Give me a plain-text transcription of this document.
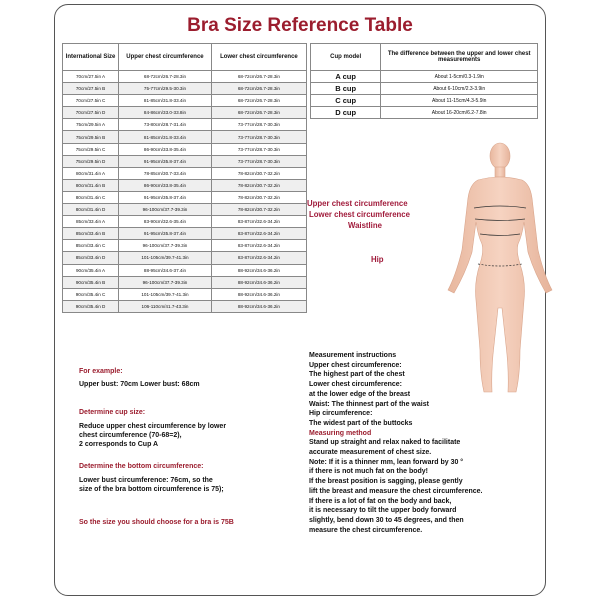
Bra Size Reference Table
International Size	Upper chest circumference	Lower chest circumference
70cm/27.5in A	68-72cm/26.7-28.3in	68-72cm/26.7-28.3in
70cm/27.5in B	75-77cm/29.5-30.3in	68-72cm/26.7-28.3in
70cm/27.5in C	81-85cm/31.8-33.4in	68-72cm/26.7-28.3in
70cm/27.5in D	84-86cm/33.0-33.8in	68-72cm/26.7-28.3in
75cm/29.5in A	73-80cm/28.7-31.4in	73-77cm/28.7-30.3in
75cm/29.5in B	81-85cm/31.8-33.4in	73-77cm/28.7-30.3in
75cm/29.5in C	86-90cm/33.8-35.4in	73-77cm/28.7-30.3in
75cm/29.5in D	91-95cm/35.8-37.4in	73-77cm/28.7-30.3in
80cm/31.4in A	78-85cm/30.7-33.4in	78-82cm/30.7-32.2in
80cm/31.4in B	86-90cm/33.8-35.4in	78-82cm/30.7-32.2in
80cm/31.4in C	91-95cm/35.8-37.4in	78-82cm/30.7-32.2in
80cm/31.4in D	96-100cm/37.7-39.3in	78-82cm/30.7-32.2in
85cm/33.4in A	83-90cm/32.6-35.4in	83-87cm/32.6-34.2in
85cm/33.4in B	91-95cm/35.8-37.4in	83-87cm/32.6-34.2in
85cm/33.4in C	96-100cm/37.7-39.3in	83-87cm/32.6-34.2in
85cm/33.4in D	101-105cm/39.7-41.3in	83-87cm/32.6-34.2in
90cm/35.4in A	88-95cm/34.6-37.4in	88-92cm/34.6-36.2in
90cm/35.4in B	96-100cm/37.7-39.3in	88-92cm/34.6-36.2in
90cm/35.4in C	101-105cm/39.7-41.3in	88-92cm/34.6-36.2in
90cm/35.4in D	106-110cm/41.7-43.3in	88-92cm/34.6-36.2in
Cup model	The difference between the upper and lower chest measurements
A cup	About 1-5cm/0.3-1.9in
B cup	About 6-10cm/2.3-3.9in
C cup	About 11-15cm/4.3-5.9in
D cup	About 16-20cm/6.2-7.8in
Upper chest circumference
Lower chest circumference
Waistline
Hip
For example:
Upper bust: 70cm Lower bust: 68cm
Determine cup size:
Reduce upper chest circumference by lower
chest circumference (70-68=2),
2 corresponds to Cup A
Determine the bottom circumference:
Lower bust circumference: 76cm, so the
size of the bra bottom circumference is 75);
So the size you should choose for a bra is 75B
Measurement instructions
Upper chest circumference:
The highest part of the chest
Lower chest circumference:
at the lower edge of the breast
Waist: The thinnest part of the waist
Hip circumference:
The widest part of the buttocks
Measuring method
Stand up straight and relax naked to facilitate
accurate measurement of chest size.
Note: If it is a thinner mm, lean forward by 30 °
if there is not much fat on the body!
If the breast position is sagging, please gently
lift the breast and measure the chest circumference.
If there is a lot of fat on the body and back,
it is necessary to tilt the upper body forward
slightly, bend down 30 to 45 degrees, and then
measure the chest circumference.
